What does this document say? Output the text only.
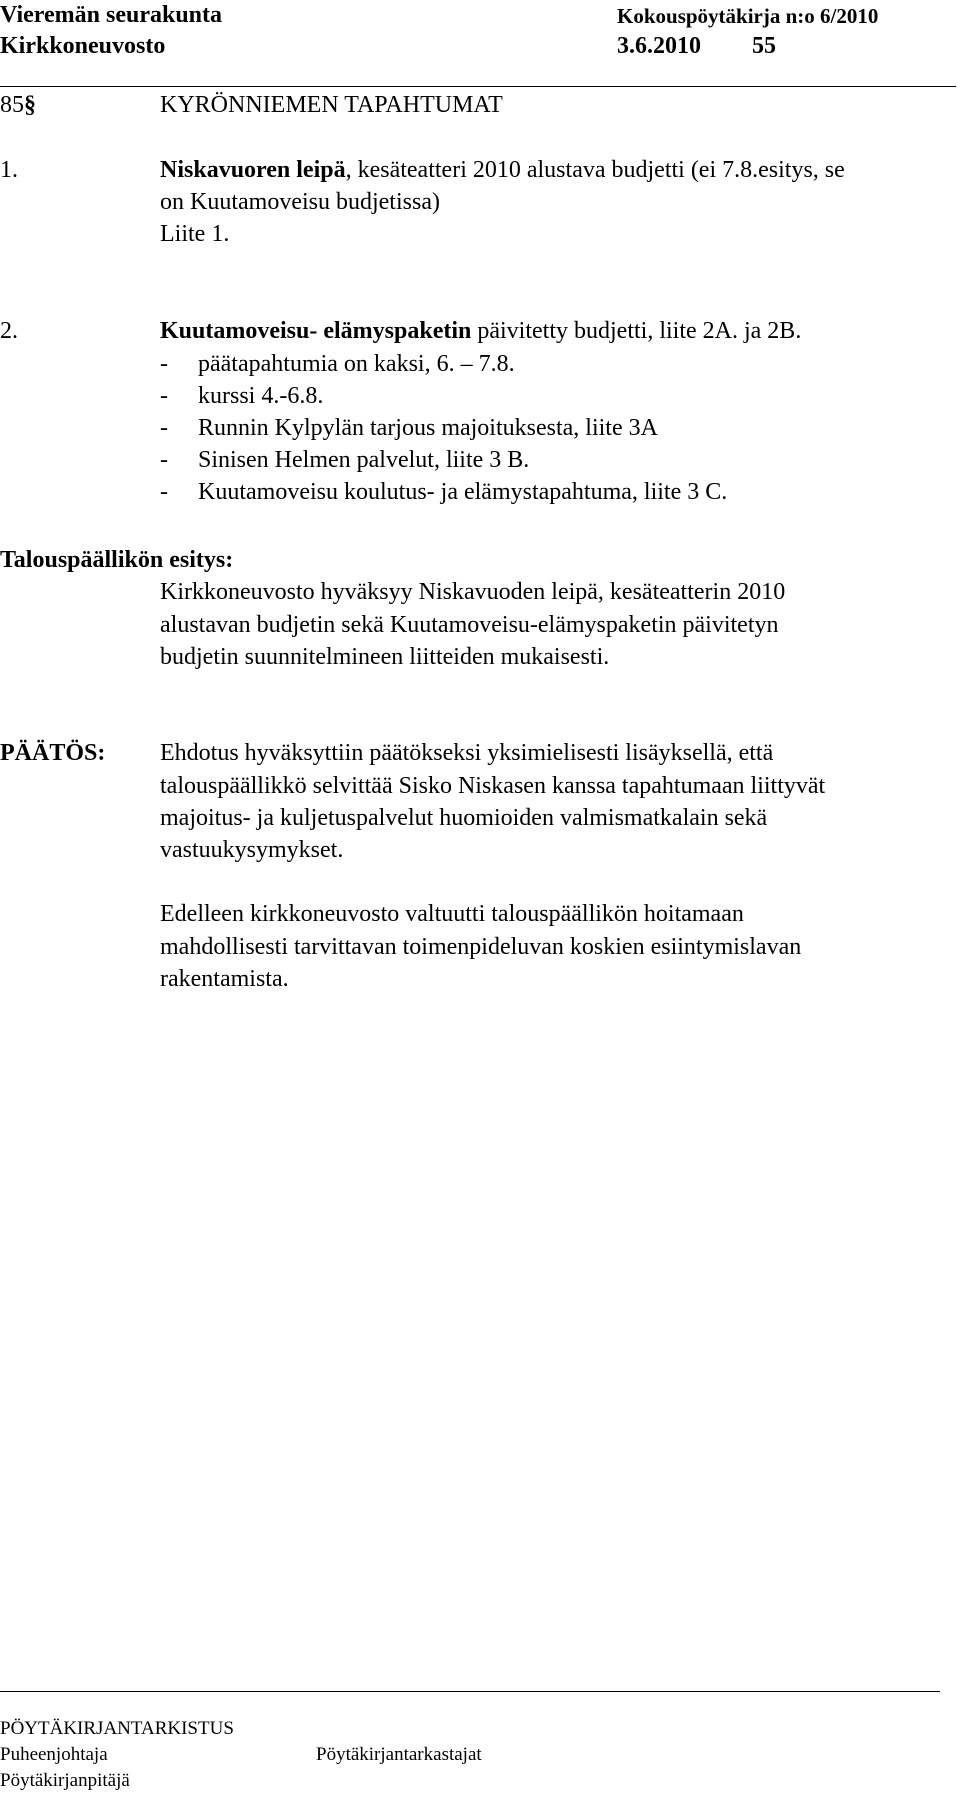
Vieremän seurakunta	Kokouspöytäkirja n:o 6/2010
Kirkkoneuvosto	3.6.2010 55
85§	KYRÖNNIEMEN TAPAHTUMAT
1.	Niskavuoren leipä, kesäteatteri 2010 alustava budjetti (ei 7.8.esitys, se
on Kuutamoveisu budjetissa)
Liite 1.
2.	Kuutamoveisu- elämyspaketin päivitetty budjetti, liite 2A. ja 2B.
- päätapahtumia on kaksi, 6. – 7.8.
- kurssi 4.-6.8.
- Runnin Kylpylän tarjous majoituksesta, liite 3A
- Sinisen Helmen palvelut, liite 3 B.
- Kuutamoveisu koulutus- ja elämystapahtuma, liite 3 C.
Talouspäällikön esitys:
Kirkkoneuvosto hyväksyy Niskavuoden leipä, kesäteatterin 2010
alustavan budjetin sekä Kuutamoveisu-elämyspaketin päivitetyn
budjetin suunnitelmineen liitteiden mukaisesti.
PÄÄTÖS: Ehdotus hyväksyttiin päätökseksi yksimielisesti lisäyksellä, että
talouspäällikkö selvittää Sisko Niskasen kanssa tapahtumaan liittyvät
majoitus- ja kuljetuspalvelut huomioiden valmismatkalain sekä
vastuukysymykset.
Edelleen kirkkoneuvosto valtuutti talouspäällikön hoitamaan
mahdollisesti tarvittavan toimenpideluvan koskien esiintymislavan
rakentamista.
PÖYTÄKIRJANTARKISTUS
Puheenjohtaja	Pöytäkirjantarkastajat
Pöytäkirjanpitäjä
